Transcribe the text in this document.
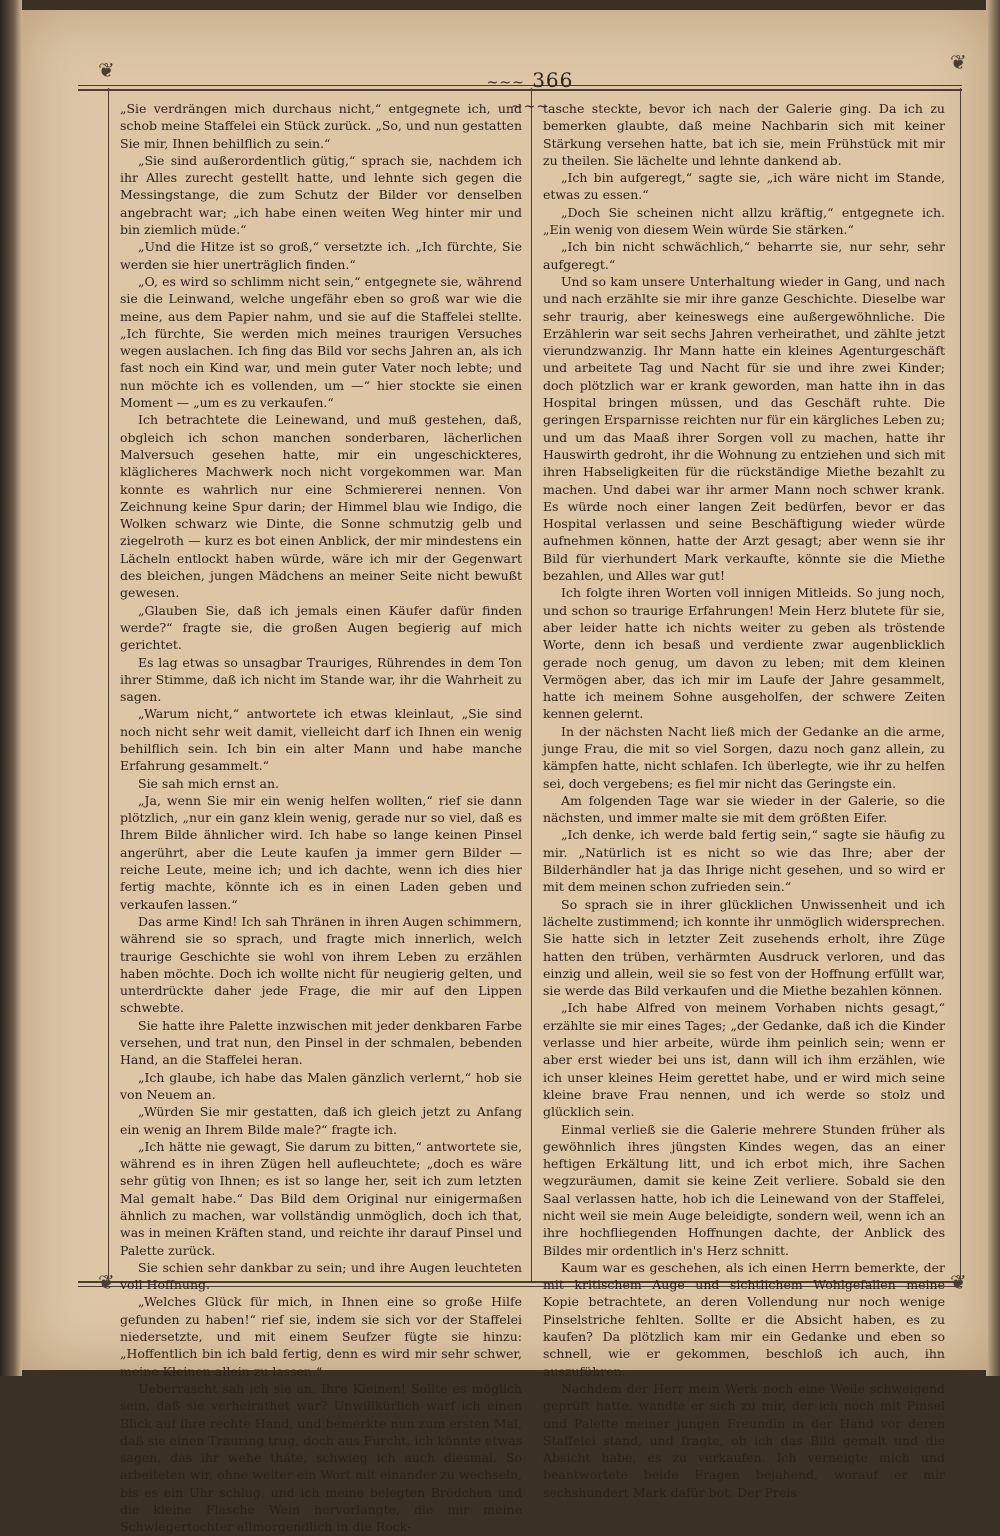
❦	❦
❦	❦
~~~ 366 ~~~

„Sie verdrängen mich durchaus nicht,“ entgegnete ich, und schob meine Staffelei ein Stück zurück. „So, und nun gestatten Sie mir, Ihnen behilflich zu sein.“

„Sie sind außerordentlich gütig,“ sprach sie, nachdem ich ihr Alles zurecht gestellt hatte, und lehnte sich gegen die Messingstange, die zum Schutz der Bilder vor denselben angebracht war; „ich habe einen weiten Weg hinter mir und bin ziemlich müde.“

„Und die Hitze ist so groß,“ versetzte ich. „Ich fürchte, Sie werden sie hier unerträglich finden.“

„O, es wird so schlimm nicht sein,“ entgegnete sie, während sie die Leinwand, welche ungefähr eben so groß war wie die meine, aus dem Papier nahm, und sie auf die Staffelei stellte. „Ich fürchte, Sie werden mich meines traurigen Versuches wegen auslachen. Ich fing das Bild vor sechs Jahren an, als ich fast noch ein Kind war, und mein guter Vater noch lebte; und nun möchte ich es vollenden, um —“ hier stockte sie einen Moment — „um es zu verkaufen.“

Ich betrachtete die Leinewand, und muß gestehen, daß, obgleich ich schon manchen sonderbaren, lächerlichen Malversuch gesehen hatte, mir ein ungeschickteres, kläglicheres Machwerk noch nicht vorgekommen war. Man konnte es wahrlich nur eine Schmiererei nennen. Von Zeichnung keine Spur darin; der Himmel blau wie Indigo, die Wolken schwarz wie Dinte, die Sonne schmutzig gelb und ziegelroth — kurz es bot einen Anblick, der mir mindestens ein Lächeln entlockt haben würde, wäre ich mir der Gegenwart des bleichen, jungen Mädchens an meiner Seite nicht bewußt gewesen.

„Glauben Sie, daß ich jemals einen Käufer dafür finden werde?“ fragte sie, die großen Augen begierig auf mich gerichtet.

Es lag etwas so unsagbar Trauriges, Rührendes in dem Ton ihrer Stimme, daß ich nicht im Stande war, ihr die Wahrheit zu sagen.

„Warum nicht,“ antwortete ich etwas kleinlaut, „Sie sind noch nicht sehr weit damit, vielleicht darf ich Ihnen ein wenig behilflich sein. Ich bin ein alter Mann und habe manche Erfahrung gesammelt.“

Sie sah mich ernst an.

„Ja, wenn Sie mir ein wenig helfen wollten,“ rief sie dann plötzlich, „nur ein ganz klein wenig, gerade nur so viel, daß es Ihrem Bilde ähnlicher wird. Ich habe so lange keinen Pinsel angerührt, aber die Leute kaufen ja immer gern Bilder — reiche Leute, meine ich; und ich dachte, wenn ich dies hier fertig machte, könnte ich es in einen Laden geben und verkaufen lassen.“

Das arme Kind! Ich sah Thränen in ihren Augen schimmern, während sie so sprach, und fragte mich innerlich, welch traurige Geschichte sie wohl von ihrem Leben zu erzählen haben möchte. Doch ich wollte nicht für neugierig gelten, und unterdrückte daher jede Frage, die mir auf den Lippen schwebte.

Sie hatte ihre Palette inzwischen mit jeder denkbaren Farbe versehen, und trat nun, den Pinsel in der schmalen, bebenden Hand, an die Staffelei heran.

„Ich glaube, ich habe das Malen gänzlich verlernt,“ hob sie von Neuem an.

„Würden Sie mir gestatten, daß ich gleich jetzt zu Anfang ein wenig an Ihrem Bilde male?“ fragte ich.

„Ich hätte nie gewagt, Sie darum zu bitten,“ antwortete sie, während es in ihren Zügen hell aufleuchtete; „doch es wäre sehr gütig von Ihnen; es ist so lange her, seit ich zum letzten Mal gemalt habe.“ Das Bild dem Original nur einigermaßen ähnlich zu machen, war vollständig unmöglich, doch ich that, was in meinen Kräften stand, und reichte ihr darauf Pinsel und Palette zurück.

Sie schien sehr dankbar zu sein; und ihre Augen leuchteten voll Hoffnung.

„Welches Glück für mich, in Ihnen eine so große Hilfe gefunden zu haben!“ rief sie, indem sie sich vor der Staffelei niedersetzte, und mit einem Seufzer fügte sie hinzu: „Hoffentlich bin ich bald fertig, denn es wird mir sehr schwer, meine Kleinen allein zu lassen.“

Ueberrascht sah ich sie an. Ihre Kleinen! Sollte es möglich sein, daß sie verheirathet war? Unwillkürlich warf ich einen Blick auf ihre rechte Hand, und bemerkte nun zum ersten Mal, daß sie einen Trauring trug, doch aus Furcht, ich könnte etwas sagen, das ihr wehe thäte, schwieg ich auch diesmal. So arbeiteten wir, ohne weiter ein Wort mit einander zu wechseln, bis es ein Uhr schlug, und ich meine belegten Brödchen und die kleine Flasche Wein hervorlangte, die mir meine Schwiegertochter allmorgendlich in die Rock-

tasche steckte, bevor ich nach der Galerie ging. Da ich zu bemerken glaubte, daß meine Nachbarin sich mit keiner Stärkung versehen hatte, bat ich sie, mein Frühstück mit mir zu theilen. Sie lächelte und lehnte dankend ab.

„Ich bin aufgeregt,“ sagte sie, „ich wäre nicht im Stande, etwas zu essen.“

„Doch Sie scheinen nicht allzu kräftig,“ entgegnete ich. „Ein wenig von diesem Wein würde Sie stärken.“

„Ich bin nicht schwächlich,“ beharrte sie, nur sehr, sehr aufgeregt.“

Und so kam unsere Unterhaltung wieder in Gang, und nach und nach erzählte sie mir ihre ganze Geschichte. Dieselbe war sehr traurig, aber keineswegs eine außergewöhnliche. Die Erzählerin war seit sechs Jahren verheirathet, und zählte jetzt vierundzwanzig. Ihr Mann hatte ein kleines Agenturgeschäft und arbeitete Tag und Nacht für sie und ihre zwei Kinder; doch plötzlich war er krank geworden, man hatte ihn in das Hospital bringen müssen, und das Geschäft ruhte. Die geringen Ersparnisse reichten nur für ein kärgliches Leben zu; und um das Maaß ihrer Sorgen voll zu machen, hatte ihr Hauswirth gedroht, ihr die Wohnung zu entziehen und sich mit ihren Habseligkeiten für die rückständige Miethe bezahlt zu machen. Und dabei war ihr armer Mann noch schwer krank. Es würde noch einer langen Zeit bedürfen, bevor er das Hospital verlassen und seine Beschäftigung wieder würde aufnehmen können, hatte der Arzt gesagt; aber wenn sie ihr Bild für vierhundert Mark verkaufte, könnte sie die Miethe bezahlen, und Alles war gut!

Ich folgte ihren Worten voll innigen Mitleids. So jung noch, und schon so traurige Erfahrungen! Mein Herz blutete für sie, aber leider hatte ich nichts weiter zu geben als tröstende Worte, denn ich besaß und verdiente zwar augenblicklich gerade noch genug, um davon zu leben; mit dem kleinen Vermögen aber, das ich mir im Laufe der Jahre gesammelt, hatte ich meinem Sohne ausgeholfen, der schwere Zeiten kennen gelernt.

In der nächsten Nacht ließ mich der Gedanke an die arme, junge Frau, die mit so viel Sorgen, dazu noch ganz allein, zu kämpfen hatte, nicht schlafen. Ich überlegte, wie ihr zu helfen sei, doch vergebens; es fiel mir nicht das Geringste ein.

Am folgenden Tage war sie wieder in der Galerie, so die nächsten, und immer malte sie mit dem größten Eifer.

„Ich denke, ich werde bald fertig sein,“ sagte sie häufig zu mir. „Natürlich ist es nicht so wie das Ihre; aber der Bilderhändler hat ja das Ihrige nicht gesehen, und so wird er mit dem meinen schon zufrieden sein.“

So sprach sie in ihrer glücklichen Unwissenheit und ich lächelte zustimmend; ich konnte ihr unmöglich widersprechen. Sie hatte sich in letzter Zeit zusehends erholt, ihre Züge hatten den trüben, verhärmten Ausdruck verloren, und das einzig und allein, weil sie so fest von der Hoffnung erfüllt war, sie werde das Bild verkaufen und die Miethe bezahlen können.

„Ich habe Alfred von meinem Vorhaben nichts gesagt,“ erzählte sie mir eines Tages; „der Gedanke, daß ich die Kinder verlasse und hier arbeite, würde ihm peinlich sein; wenn er aber erst wieder bei uns ist, dann will ich ihm erzählen, wie ich unser kleines Heim gerettet habe, und er wird mich seine kleine brave Frau nennen, und ich werde so stolz und glücklich sein.

Einmal verließ sie die Galerie mehrere Stunden früher als gewöhnlich ihres jüngsten Kindes wegen, das an einer heftigen Erkältung litt, und ich erbot mich, ihre Sachen wegzuräumen, damit sie keine Zeit verliere. Sobald sie den Saal verlassen hatte, hob ich die Leinewand von der Staffelei, nicht weil sie mein Auge beleidigte, sondern weil, wenn ich an ihre hochfliegenden Hoffnungen dachte, der Anblick des Bildes mir ordentlich in's Herz schnitt.

Kaum war es geschehen, als ich einen Herrn bemerkte, der mit kritischem Auge und sichtlichem Wohlgefallen meine Kopie betrachtete, an deren Vollendung nur noch wenige Pinselstriche fehlten. Sollte er die Absicht haben, es zu kaufen? Da plötzlich kam mir ein Gedanke und eben so schnell, wie er gekommen, beschloß ich auch, ihn auszuführen.

Nachdem der Herr mein Werk noch eine Weile schweigend geprüft hatte, wandte er sich zu mir, der ich noch mit Pinsel und Palette meiner jungen Freundin in der Hand vor deren Staffelei stand, und fragte, ob ich das Bild gemalt und die Absicht habe, es zu verkaufen. Ich verneigte mich und beantwortete beide Fragen bejahend, worauf er mir sechshundert Mark dafür bot. Der Preis
